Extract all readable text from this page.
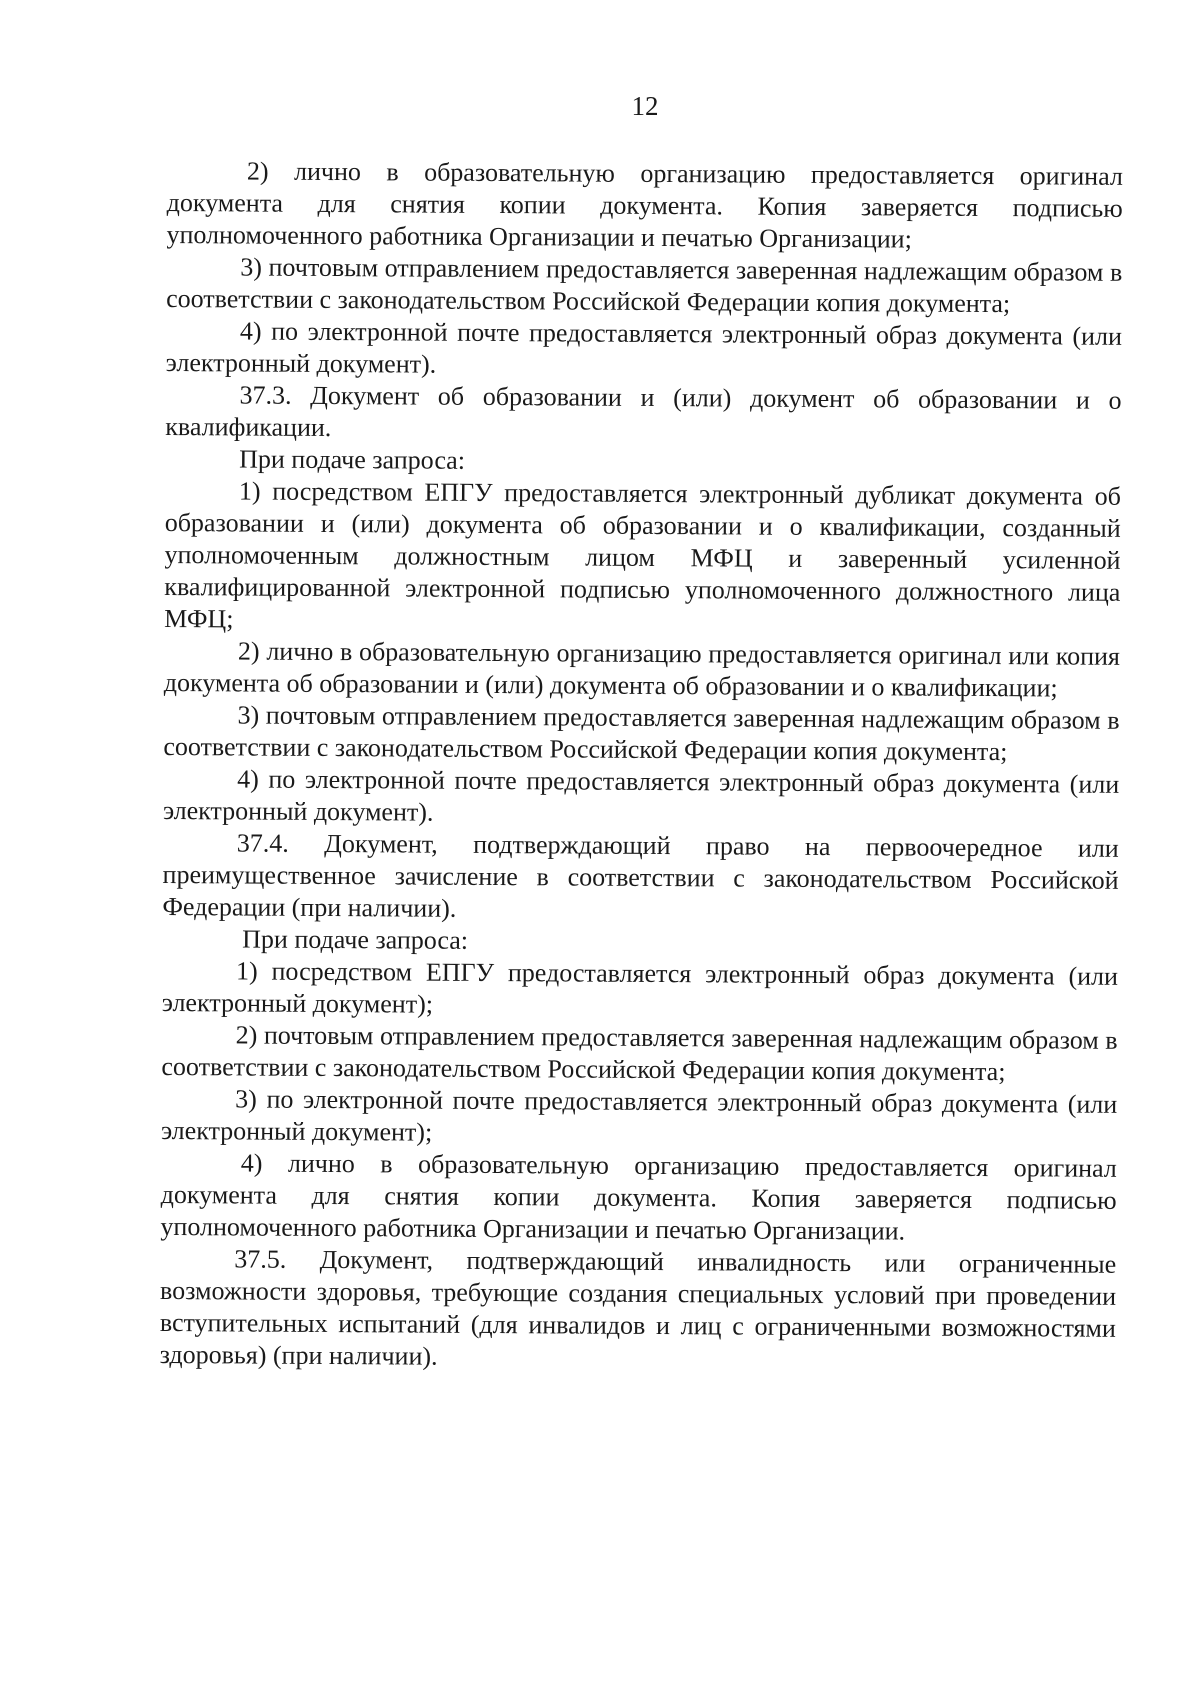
12

2) лично в образовательную организацию предоставляется оригинал документа для снятия копии документа. Копия заверяется подписью уполномоченного работника Организации и печатью Организации;

3) почтовым отправлением предоставляется заверенная надлежащим образом в соответствии с законодательством Российской Федерации копия документа;

4) по электронной почте предоставляется электронный образ документа (или электронный документ).

37.3. Документ об образовании и (или) документ об образовании и о квалификации.

При подаче запроса:

1) посредством ЕПГУ предоставляется электронный дубликат документа об образовании и (или) документа об образовании и о квалификации, созданный уполномоченным должностным лицом МФЦ и заверенный усиленной квалифицированной электронной подписью уполномоченного должностного лица МФЦ;

2) лично в образовательную организацию предоставляется оригинал или копия документа об образовании и (или) документа об образовании и о квалификации;

3) почтовым отправлением предоставляется заверенная надлежащим образом в соответствии с законодательством Российской Федерации копия документа;

4) по электронной почте предоставляется электронный образ документа (или электронный документ).

37.4. Документ, подтверждающий право на первоочередное или преимущественное зачисление в соответствии с законодательством Российской Федерации (при наличии).

При подаче запроса:

1) посредством ЕПГУ предоставляется электронный образ документа (или электронный документ);

2) почтовым отправлением предоставляется заверенная надлежащим образом в соответствии с законодательством Российской Федерации копия документа;

3) по электронной почте предоставляется электронный образ документа (или электронный документ);

4) лично в образовательную организацию предоставляется оригинал документа для снятия копии документа. Копия заверяется подписью уполномоченного работника Организации и печатью Организации.

37.5. Документ, подтверждающий инвалидность или ограниченные возможности здоровья, требующие создания специальных условий при проведении вступительных испытаний (для инвалидов и лиц с ограниченными возможностями здоровья) (при наличии).
